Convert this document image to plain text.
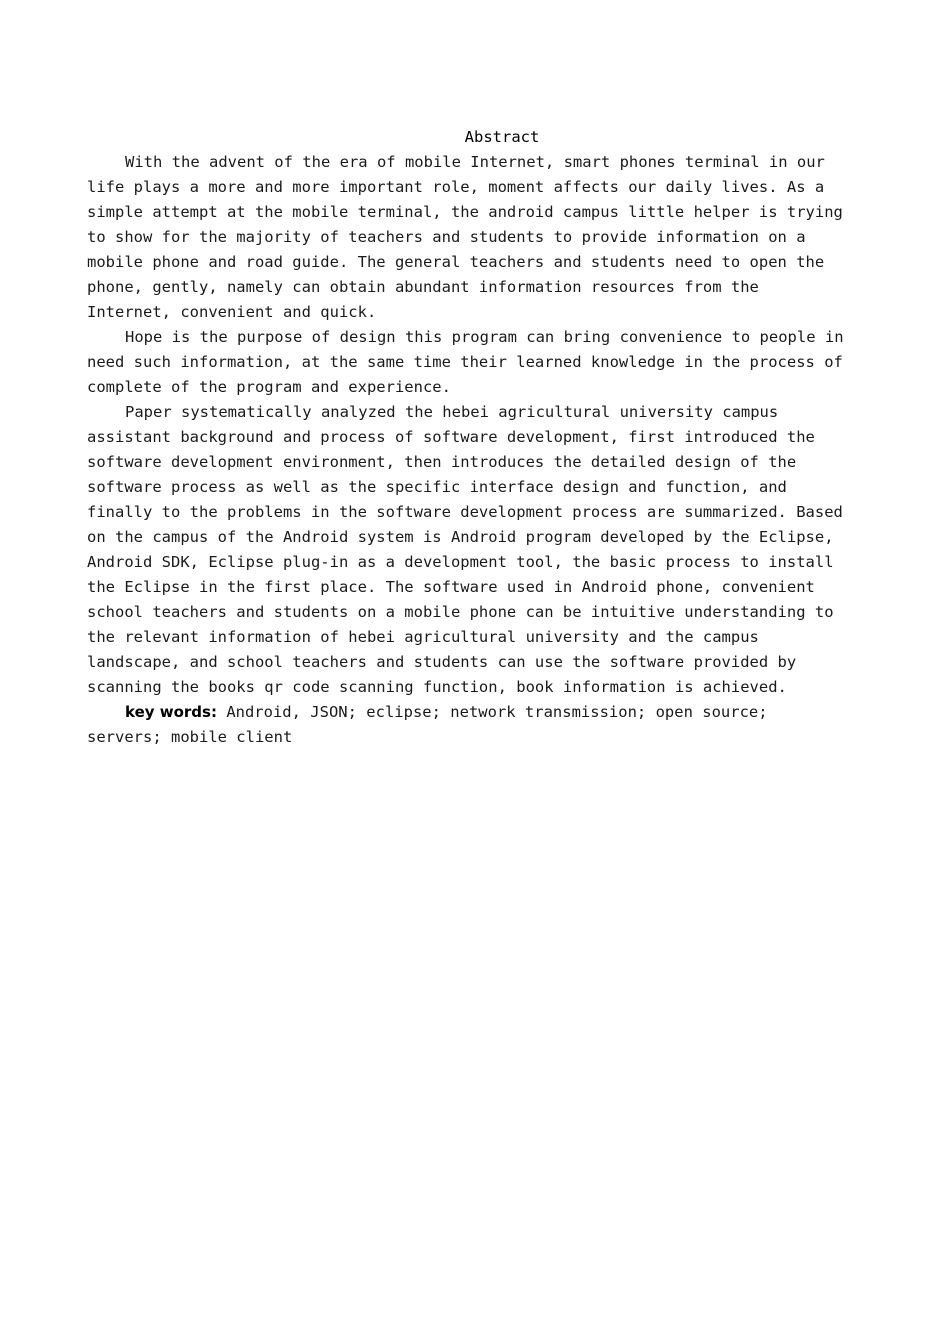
Abstract

With the advent of the era of mobile Internet, smart phones terminal in our
life plays a more and more important role, moment affects our daily lives. As a
simple attempt at the mobile terminal, the android campus little helper is trying
to show for the majority of teachers and students to provide information on a
mobile phone and road guide. The general teachers and students need to open the
phone, gently, namely can obtain abundant information resources from the
Internet, convenient and quick.

Hope is the purpose of design this program can bring convenience to people in
need such information, at the same time their learned knowledge in the process of
complete of the program and experience.

Paper systematically analyzed the hebei agricultural university campus
assistant background and process of software development, first introduced the
software development environment, then introduces the detailed design of the
software process as well as the specific interface design and function, and
finally to the problems in the software development process are summarized. Based
on the campus of the Android system is Android program developed by the Eclipse,
Android SDK, Eclipse plug-in as a development tool, the basic process to install
the Eclipse in the first place. The software used in Android phone, convenient
school teachers and students on a mobile phone can be intuitive understanding to
the relevant information of hebei agricultural university and the campus
landscape, and school teachers and students can use the software provided by
scanning the books qr code scanning function, book information is achieved.

key words: Android, JSON; eclipse; network transmission; open source;
servers; mobile client
